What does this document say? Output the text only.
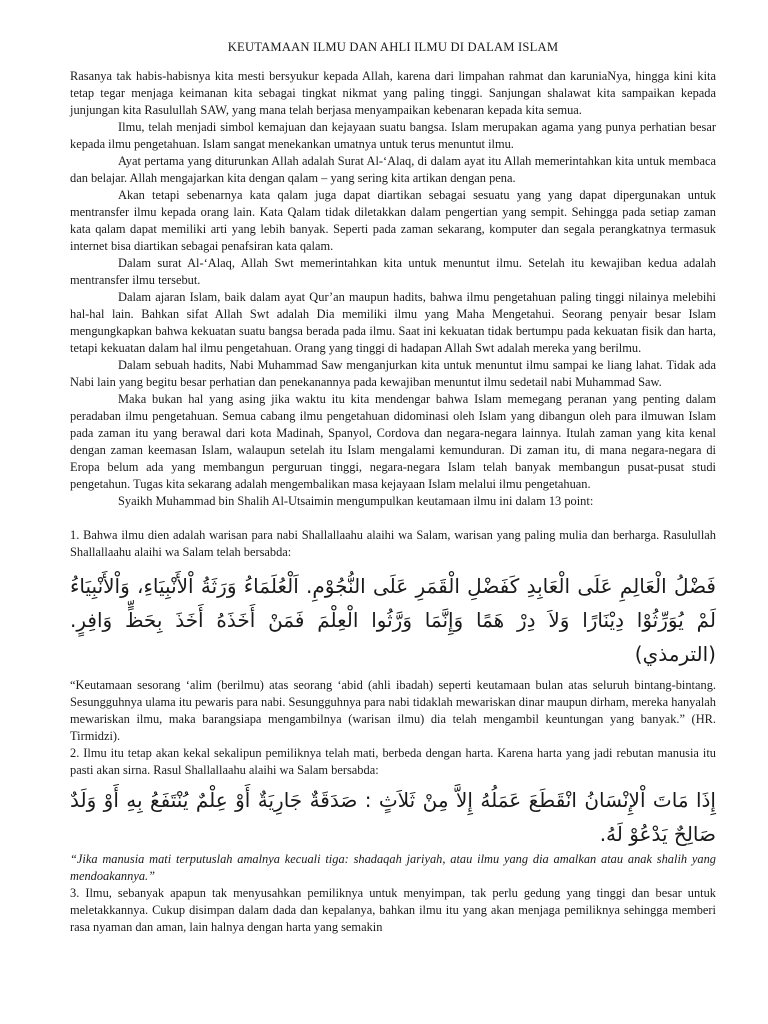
KEUTAMAAN ILMU DAN AHLI ILMU DI DALAM ISLAM

Rasanya tak habis-habisnya kita mesti bersyukur kepada Allah, karena dari limpahan rahmat dan karuniaNya, hingga kini kita tetap tegar menjaga keimanan kita sebagai tingkat nikmat yang paling tinggi. Sanjungan shalawat kita sampaikan kepada junjungan kita Rasulullah SAW, yang mana telah berjasa menyampaikan kebenaran kepada kita semua.

Ilmu, telah menjadi simbol kemajuan dan kejayaan suatu bangsa. Islam merupakan agama yang punya perhatian besar kepada ilmu pengetahuan. Islam sangat menekankan umatnya untuk terus menuntut ilmu.

Ayat pertama yang diturunkan Allah adalah Surat Al-‘Alaq, di dalam ayat itu Allah memerintahkan kita untuk membaca dan belajar. Allah mengajarkan kita dengan qalam – yang sering kita artikan dengan pena.

Akan tetapi sebenarnya kata qalam juga dapat diartikan sebagai sesuatu yang yang dapat dipergunakan untuk mentransfer ilmu kepada orang lain. Kata Qalam tidak diletakkan dalam pengertian yang sempit. Sehingga pada setiap zaman kata qalam dapat memiliki arti yang lebih banyak. Seperti pada zaman sekarang, komputer dan segala perangkatnya termasuk internet bisa diartikan sebagai penafsiran kata qalam.

Dalam surat Al-‘Alaq, Allah Swt memerintahkan kita untuk menuntut ilmu. Setelah itu kewajiban kedua adalah mentransfer ilmu tersebut.

Dalam ajaran Islam, baik dalam ayat Qur’an maupun hadits, bahwa ilmu pengetahuan paling tinggi nilainya melebihi hal-hal lain. Bahkan sifat Allah Swt adalah Dia memiliki ilmu yang Maha Mengetahui. Seorang penyair besar Islam mengungkapkan bahwa kekuatan suatu bangsa berada pada ilmu. Saat ini kekuatan tidak bertumpu pada kekuatan fisik dan harta, tetapi kekuatan dalam hal ilmu pengetahuan. Orang yang tinggi di hadapan Allah Swt adalah mereka yang berilmu.

Dalam sebuah hadits, Nabi Muhammad Saw menganjurkan kita untuk menuntut ilmu sampai ke liang lahat. Tidak ada Nabi lain yang begitu besar perhatian dan penekanannya pada kewajiban menuntut ilmu sedetail nabi Muhammad Saw.

Maka bukan hal yang asing jika waktu itu kita mendengar bahwa Islam memegang peranan yang penting dalam peradaban ilmu pengetahuan. Semua cabang ilmu pengetahuan didominasi oleh Islam yang dibangun oleh para ilmuwan Islam pada zaman itu yang berawal dari kota Madinah, Spanyol, Cordova dan negara-negara lainnya. Itulah zaman yang kita kenal dengan zaman keemasan Islam, walaupun setelah itu Islam mengalami kemunduran. Di zaman itu, di mana negara-negara di Eropa belum ada yang membangun perguruan tinggi, negara-negara Islam telah banyak membangun pusat-pusat studi pengetahun. Tugas kita sekarang adalah mengembalikan masa kejayaan Islam melalui ilmu pengetahuan.

Syaikh Muhammad bin Shalih Al-Utsaimin mengumpulkan keutamaan ilmu ini dalam 13 point:

1. Bahwa ilmu dien adalah warisan para nabi Shallallaahu alaihi wa Salam, warisan yang paling mulia dan berharga. Rasulullah Shallallaahu alaihi wa Salam telah bersabda:

فَضْلُ الْعَالِمِ عَلَى الْعَابِدِ كَفَضْلِ الْقَمَرِ عَلَى النُّجُوْمِ. اَلْعُلَمَاءُ وَرَثَةُ اْلأَنْبِيَاءِ، وَاْلأَنْبِيَاءُ لَمْ يُوَرِّثُوْا دِيْنَارًا وَلاَ دِرْ هَمًا وَإِنَّمَا وَرَّثُوا الْعِلْمَ فَمَنْ أَخَذَهُ أَخَذَ بِحَظٍّ وَافِرٍ. (الترمذي)

“Keutamaan sesorang ‘alim (berilmu) atas seorang ‘abid (ahli ibadah) seperti keutamaan bulan atas seluruh bintang-bintang. Sesungguhnya ulama itu pewaris para nabi. Sesungguhnya para nabi tidaklah mewariskan dinar maupun dirham, mereka hanyalah mewariskan ilmu, maka barangsiapa mengambilnya (warisan ilmu) dia telah mengambil keuntungan yang banyak.” (HR. Tirmidzi).

2. Ilmu itu tetap akan kekal sekalipun pemiliknya telah mati, berbeda dengan harta. Karena harta yang jadi rebutan manusia itu pasti akan sirna. Rasul Shallallaahu alaihi wa Salam bersabda:

إِذَا مَاتَ اْلإِنْسَانُ انْقَطَعَ عَمَلُهُ إِلاَّ مِنْ ثَلاَثٍ : صَدَقَةٌ جَارِيَةٌ أَوْ عِلْمٌ يُنْتَفَعُ بِهِ أَوْ وَلَدٌ صَالِحٌ يَدْعُوْ لَهُ.

“Jika manusia mati terputuslah amalnya kecuali tiga: shadaqah jariyah, atau ilmu yang dia amalkan atau anak shalih yang mendoakannya.”

3. Ilmu, sebanyak apapun tak menyusahkan pemiliknya untuk menyimpan, tak perlu gedung yang tinggi dan besar untuk meletakkannya. Cukup disimpan dalam dada dan kepalanya, bahkan ilmu itu yang akan menjaga pemiliknya sehingga memberi rasa nyaman dan aman, lain halnya dengan harta yang semakin
